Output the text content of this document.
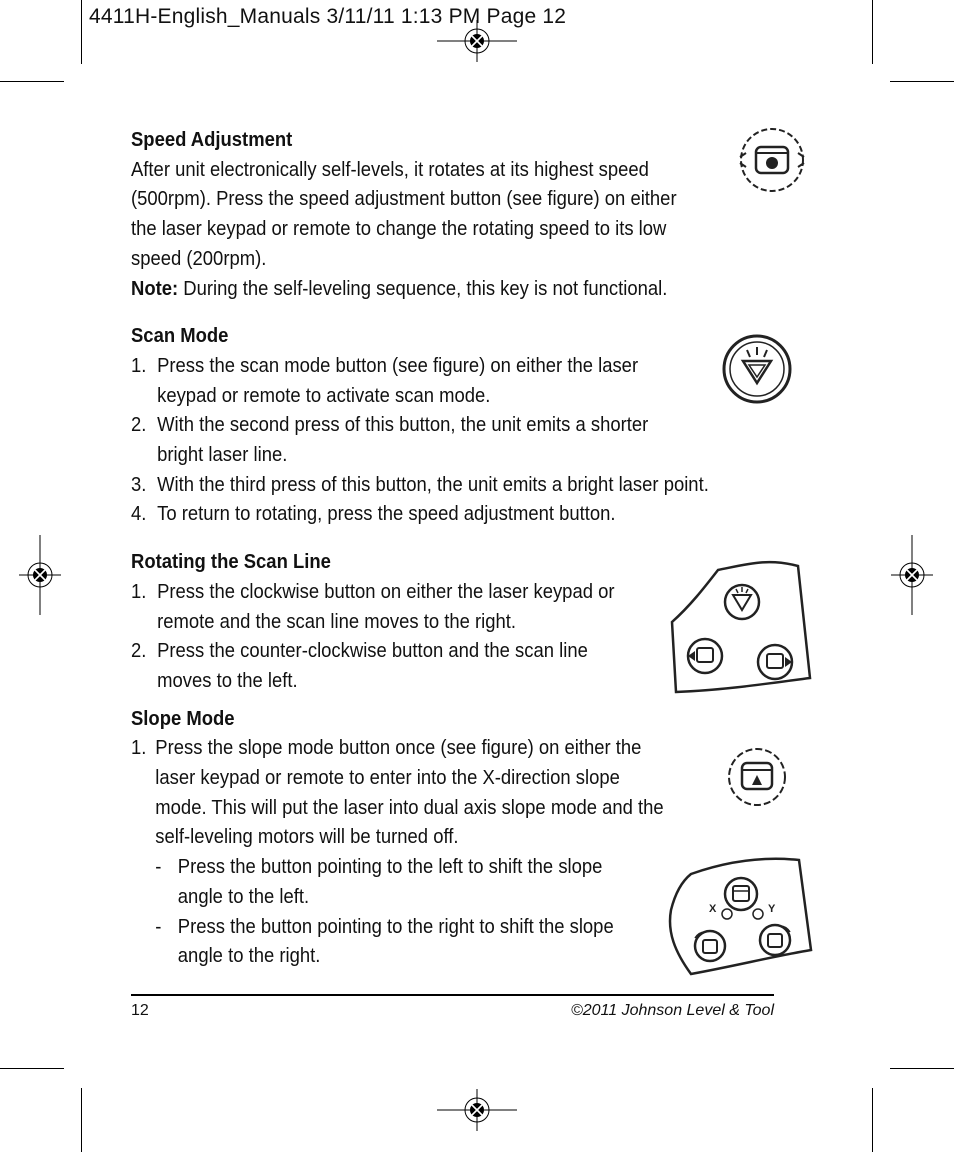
4411H-English_Manuals 3/11/11 1:13 PM Page 12
Speed Adjustment

After unit electronically self-levels, it rotates at its highest speed (500rpm). Press the speed adjustment button (see figure) on either the laser keypad or remote to change the rotating speed to its low speed (200rpm).

Note: During the self-leveling sequence, this key is not functional.

Scan Mode
1. Press the scan mode button (see figure) on either the laser keypad or remote to activate scan mode.
2. With the second press of this button, the unit emits a shorter bright laser line.
3. With the third press of this button, the unit emits a bright laser point.
4. To return to rotating, press the speed adjustment button.
Rotating the Scan Line
1. Press the clockwise button on either the laser keypad or remote and the scan line moves to the right.
2. Press the counter-clockwise button and the scan line moves to the left.
Slope Mode
1. Press the slope mode button once (see figure) on either the laser keypad or remote to enter into the X-direction slope mode. This will put the laser into dual axis slope mode and the self-leveling motors will be turned off.
- Press the button pointing to the left to shift the slope angle to the left.
- Press the button pointing to the right to shift the slope angle to the right.
X	Y
12	©2011 Johnson Level & Tool
